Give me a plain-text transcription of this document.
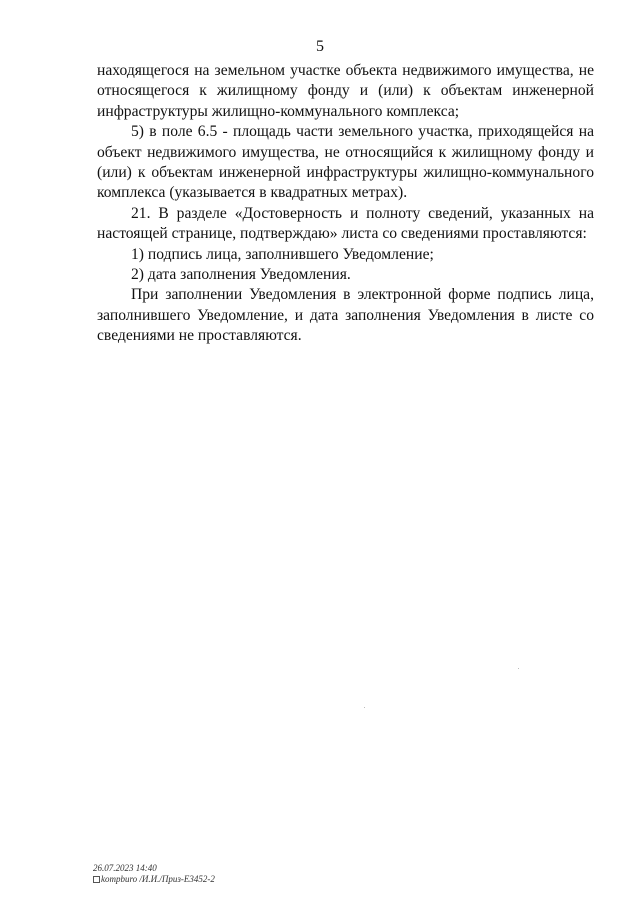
5

находящегося на земельном участке объекта недвижимого имущества, не относящегося к жилищному фонду и (или) к объектам инженерной инфраструктуры жилищно-коммунального комплекса;

5) в поле 6.5 - площадь части земельного участка, приходящейся на объект недвижимого имущества, не относящийся к жилищному фонду и (или) к объектам инженерной инфраструктуры жилищно-коммунального комплекса (указывается в квадратных метрах).

21. В разделе «Достоверность и полноту сведений, указанных на настоящей странице, подтверждаю» листа со сведениями проставляются:

1) подпись лица, заполнившего Уведомление;

2) дата заполнения Уведомления.

При заполнении Уведомления в электронной форме подпись лица, заполнившего Уведомление, и дата заполнения Уведомления в листе со сведениями не проставляются.

26.07.2023 14:40
kompburo /И.И./Приз-Е3452-2
